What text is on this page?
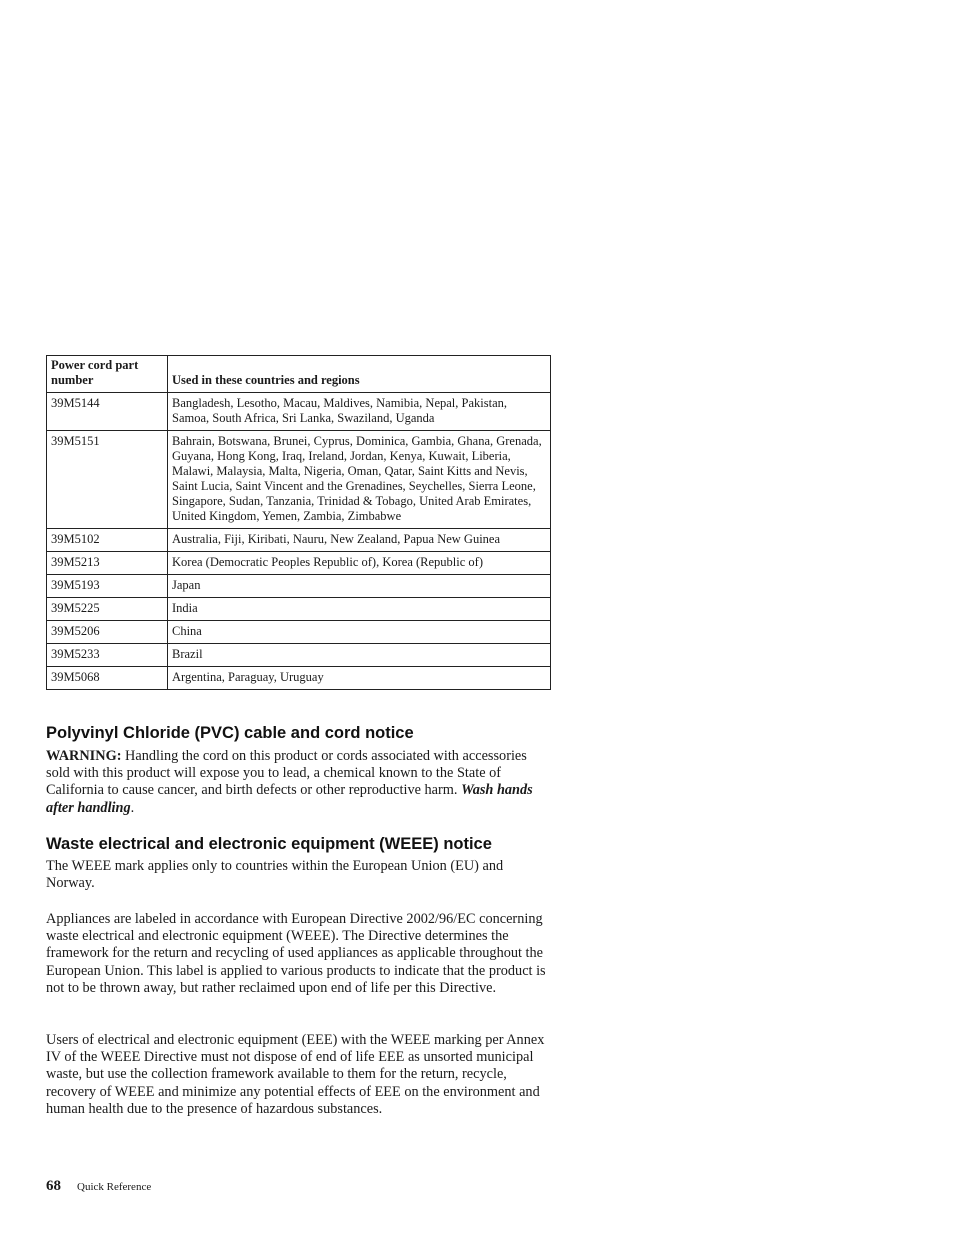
Power cord part number	Used in these countries and regions
39M5144	Bangladesh, Lesotho, Macau, Maldives, Namibia, Nepal, Pakistan, Samoa, South Africa, Sri Lanka, Swaziland, Uganda
39M5151	Bahrain, Botswana, Brunei, Cyprus, Dominica, Gambia, Ghana, Grenada, Guyana, Hong Kong, Iraq, Ireland, Jordan, Kenya, Kuwait, Liberia, Malawi, Malaysia, Malta, Nigeria, Oman, Qatar, Saint Kitts and Nevis, Saint Lucia, Saint Vincent and the Grenadines, Seychelles, Sierra Leone, Singapore, Sudan, Tanzania, Trinidad & Tobago, United Arab Emirates, United Kingdom, Yemen, Zambia, Zimbabwe
39M5102	Australia, Fiji, Kiribati, Nauru, New Zealand, Papua New Guinea
39M5213	Korea (Democratic Peoples Republic of), Korea (Republic of)
39M5193	Japan
39M5225	India
39M5206	China
39M5233	Brazil
39M5068	Argentina, Paraguay, Uruguay
Polyvinyl Chloride (PVC) cable and cord notice

WARNING: Handling the cord on this product or cords associated with accessories sold with this product will expose you to lead, a chemical known to the State of California to cause cancer, and birth defects or other reproductive harm. Wash hands after handling.

Waste electrical and electronic equipment (WEEE) notice

The WEEE mark applies only to countries within the European Union (EU) and Norway.

Appliances are labeled in accordance with European Directive 2002/96/EC concerning waste electrical and electronic equipment (WEEE). The Directive determines the framework for the return and recycling of used appliances as applicable throughout the European Union. This label is applied to various products to indicate that the product is not to be thrown away, but rather reclaimed upon end of life per this Directive.

Users of electrical and electronic equipment (EEE) with the WEEE marking per Annex IV of the WEEE Directive must not dispose of end of life EEE as unsorted municipal waste, but use the collection framework available to them for the return, recycle, recovery of WEEE and minimize any potential effects of EEE on the environment and human health due to the presence of hazardous substances.

68 Quick Reference
